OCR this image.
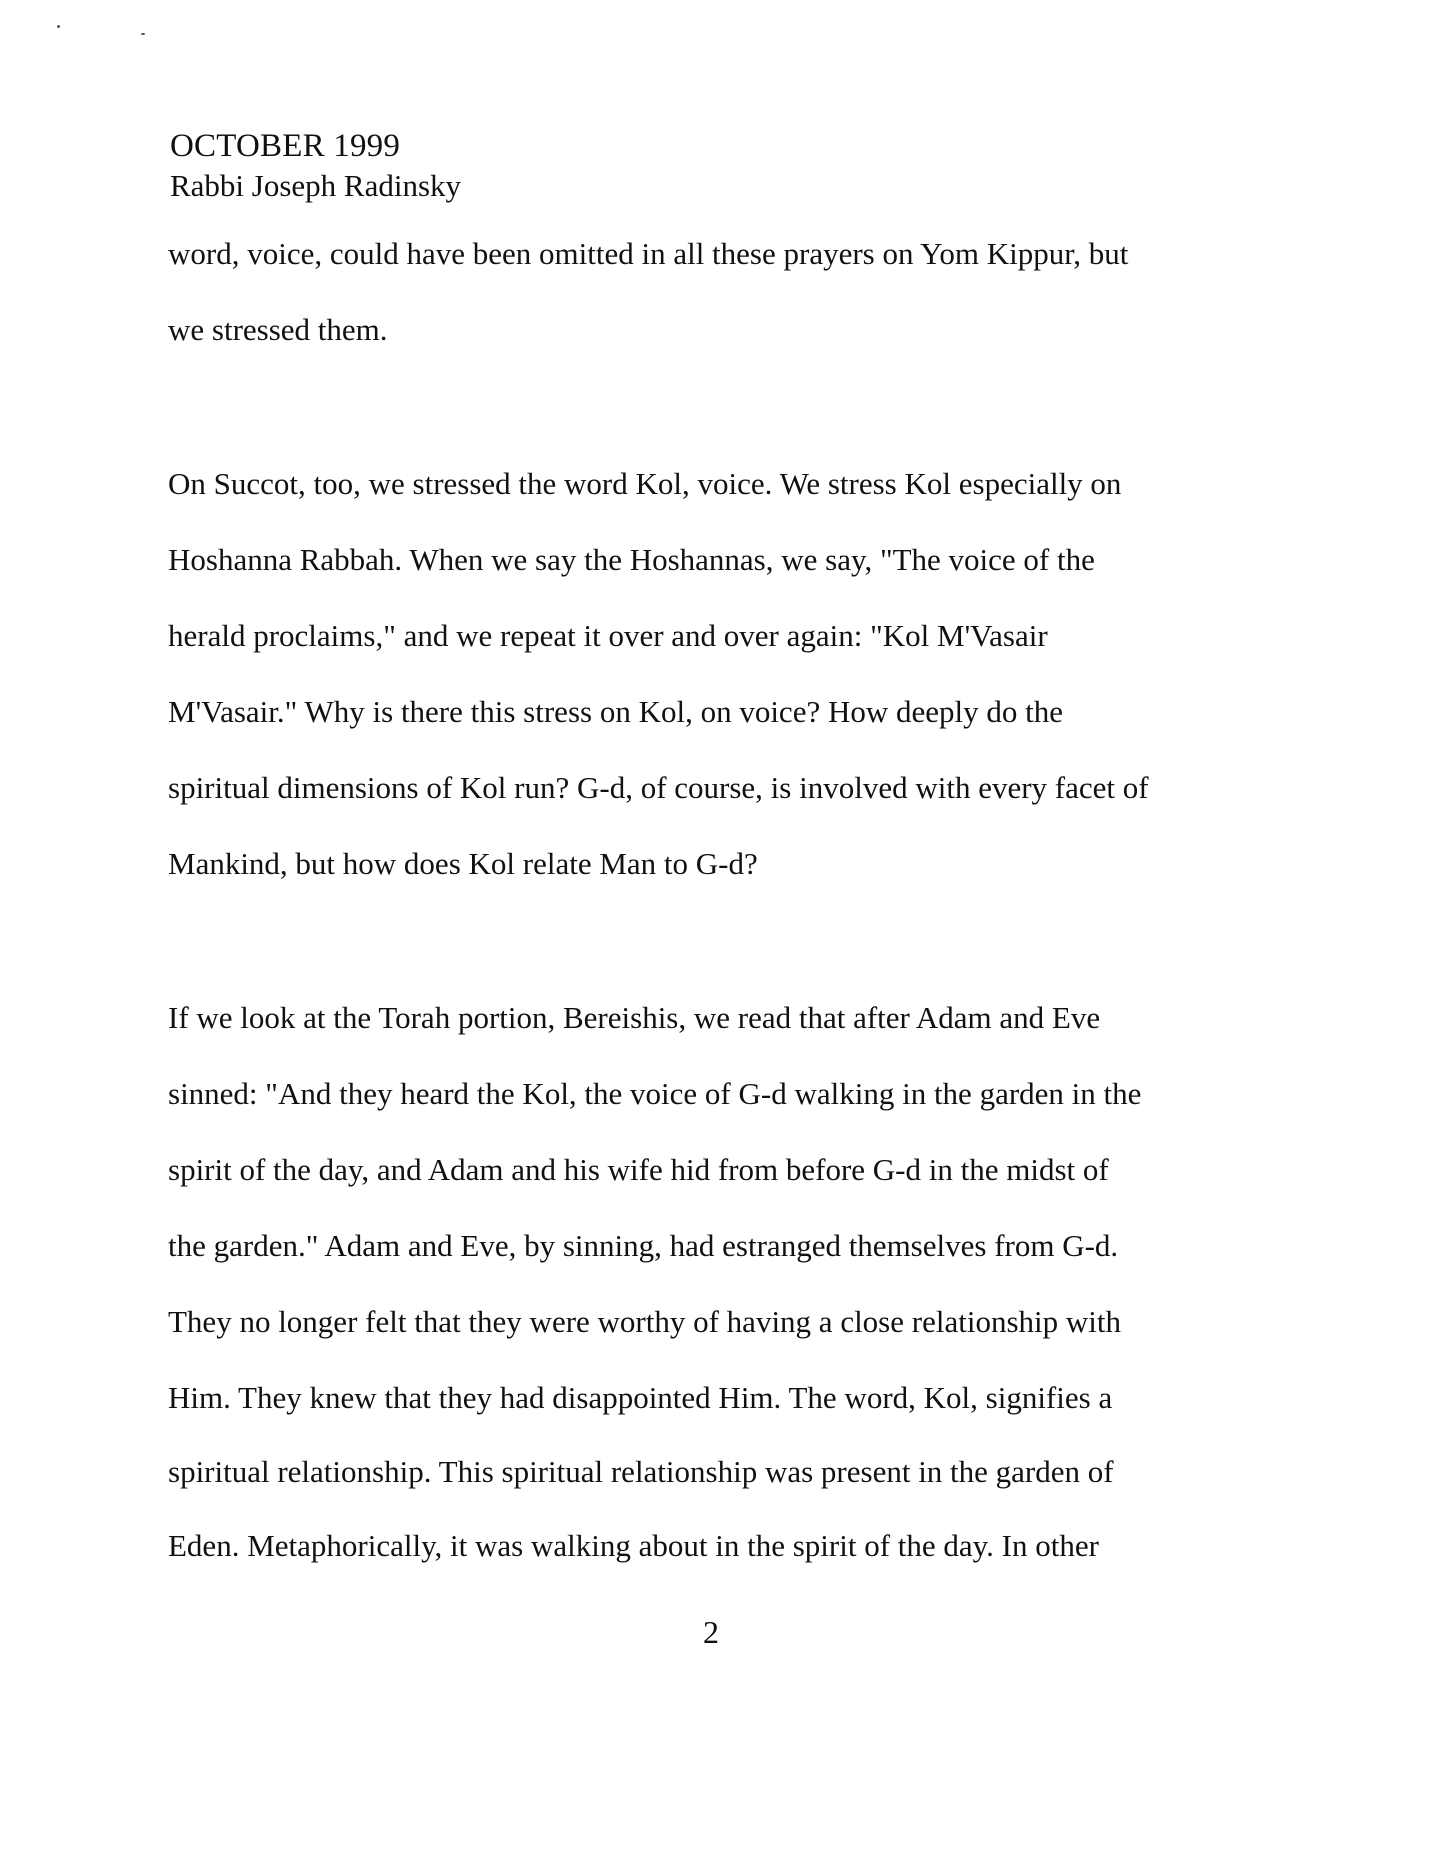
OCTOBER 1999
Rabbi Joseph Radinsky
word, voice, could have been omitted in all these prayers on Yom Kippur, but
we stressed them.
On Succot, too, we stressed the word Kol, voice. We stress Kol especially on
Hoshanna Rabbah. When we say the Hoshannas, we say, "The voice of the
herald proclaims," and we repeat it over and over again: "Kol M'Vasair
M'Vasair." Why is there this stress on Kol, on voice? How deeply do the
spiritual dimensions of Kol run? G-d, of course, is involved with every facet of
Mankind, but how does Kol relate Man to G-d?
If we look at the Torah portion, Bereishis, we read that after Adam and Eve
sinned: "And they heard the Kol, the voice of G-d walking in the garden in the
spirit of the day, and Adam and his wife hid from before G-d in the midst of
the garden." Adam and Eve, by sinning, had estranged themselves from G-d.
They no longer felt that they were worthy of having a close relationship with
Him. They knew that they had disappointed Him. The word, Kol, signifies a
spiritual relationship. This spiritual relationship was present in the garden of
Eden. Metaphorically, it was walking about in the spirit of the day. In other
2
